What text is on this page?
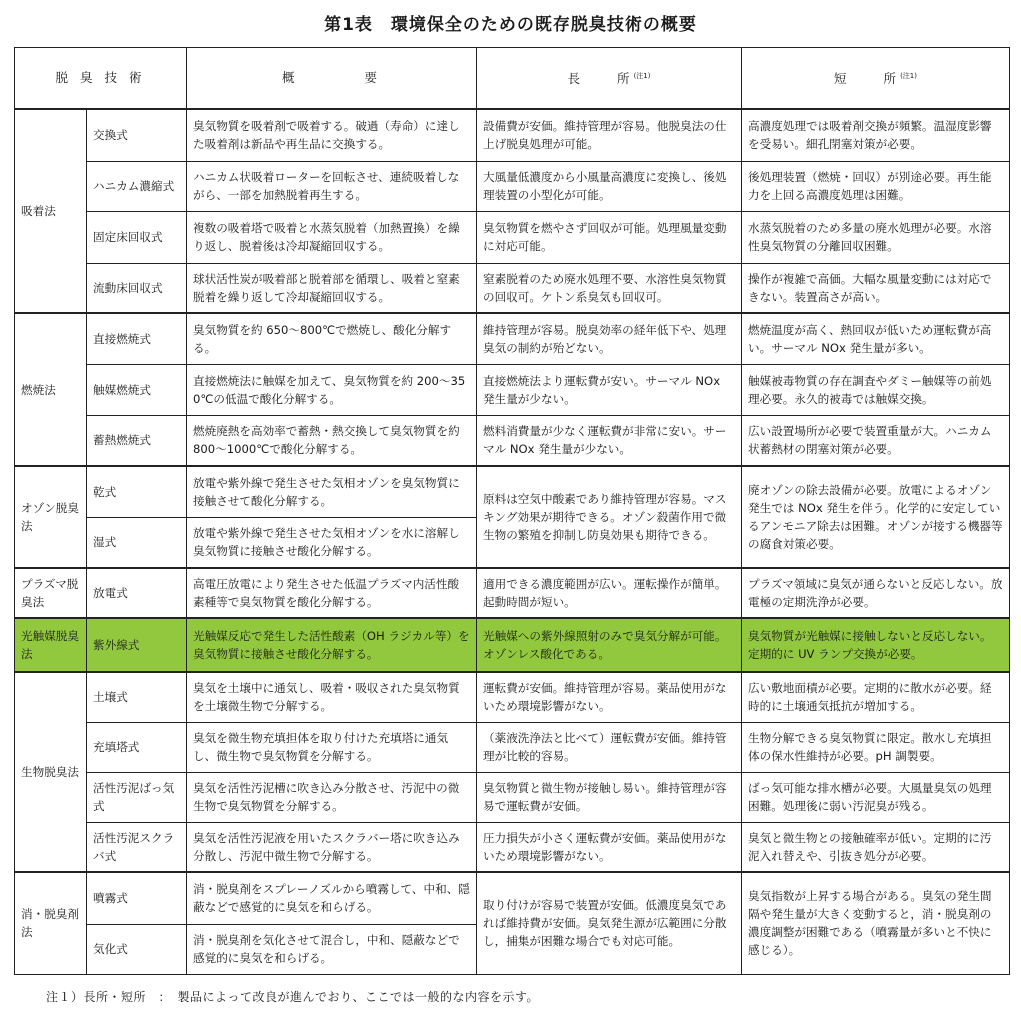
第1表　環境保全のための既存脱臭技術の概要
脱 臭 技 術		概　　　　要	長　　所$^{(注1)}$	短　　所$^{(注1)}$
吸着法	交換式	臭気物質を吸着剤で吸着する。破過（寿命）に達した吸着剤は新品や再生品に交換する。	設備費が安価。維持管理が容易。他脱臭法の仕上げ脱臭処理が可能。	高濃度処理では吸着剤交換が頻繁。温湿度影響を受易い。細孔閉塞対策が必要。
	ハニカム濃縮式	ハニカム状吸着ローターを回転させ、連続吸着しながら、一部を加熱脱着再生する。	大風量低濃度から小風量高濃度に変換し、後処理装置の小型化が可能。	後処理装置（燃焼・回収）が別途必要。再生能力を上回る高濃度処理は困難。
	固定床回収式	複数の吸着塔で吸着と水蒸気脱着（加熱置換）を繰り返し、脱着後は冷却凝縮回収する。	臭気物質を燃やさず回収が可能。処理風量変動に対応可能。	水蒸気脱着のため多量の廃水処理が必要。水溶性臭気物質の分離回収困難。
	流動床回収式	球状活性炭が吸着部と脱着部を循環し、吸着と窒素脱着を繰り返して冷却凝縮回収する。	窒素脱着のため廃水処理不要、水溶性臭気物質の回収可。ケトン系臭気も回収可。	操作が複雑で高価。大幅な風量変動には対応できない。装置高さが高い。
燃焼法	直接燃焼式	臭気物質を約 650～800℃で燃焼し、酸化分解する。	維持管理が容易。脱臭効率の経年低下や、処理臭気の制約が殆どない。	燃焼温度が高く、熱回収が低いため運転費が高い。サーマル NOx 発生量が多い。
	触媒燃焼式	直接燃焼法に触媒を加えて、臭気物質を約 200～350℃の低温で酸化分解する。	直接燃焼法より運転費が安い。サーマル NOx 発生量が少ない。	触媒被毒物質の存在調査やダミー触媒等の前処理必要。永久的被毒では触媒交換。
	蓄熱燃焼式	燃焼廃熱を高効率で蓄熱・熱交換して臭気物質を約 800～1000℃で酸化分解する。	燃料消費量が少なく運転費が非常に安い。サーマル NOx 発生量が少ない。	広い設置場所が必要で装置重量が大。ハニカム状蓄熱材の閉塞対策が必要。
オゾン脱臭法	乾式	放電や紫外線で発生させた気相オゾンを臭気物質に接触させて酸化分解する。	原料は空気中酸素であり維持管理が容易。マスキング効果が期待できる。オゾン殺菌作用で微生物の繁殖を抑制し防臭効果も期待できる。	廃オゾンの除去設備が必要。放電によるオゾン発生では NOx 発生を伴う。化学的に安定しているアンモニア除去は困難。オゾンが接する機器等の腐食対策必要。
	湿式	放電や紫外線で発生させた気相オゾンを水に溶解し臭気物質に接触させ酸化分解する。		
プラズマ脱臭法	放電式	高電圧放電により発生させた低温プラズマ内活性酸素種等で臭気物質を酸化分解する。	適用できる濃度範囲が広い。運転操作が簡単。起動時間が短い。	プラズマ領域に臭気が通らないと反応しない。放電極の定期洗浄が必要。
光触媒脱臭法	紫外線式	光触媒反応で発生した活性酸素（OH ラジカル等）を臭気物質に接触させ酸化分解する。	光触媒への紫外線照射のみで臭気分解が可能。オゾンレス酸化である。	臭気物質が光触媒に接触しないと反応しない。定期的に UV ランプ交換が必要。
生物脱臭法	土壌式	臭気を土壌中に通気し、吸着・吸収された臭気物質を土壌微生物で分解する。	運転費が安価。維持管理が容易。薬品使用がないため環境影響がない。	広い敷地面積が必要。定期的に散水が必要。経時的に土壌通気抵抗が増加する。
	充填塔式	臭気を微生物充填担体を取り付けた充填塔に通気し、微生物で臭気物質を分解する。	（薬液洗浄法と比べて）運転費が安価。維持管理が比較的容易。	生物分解できる臭気物質に限定。散水し充填担体の保水性維持が必要。pH 調製要。
	活性汚泥ばっ気式	臭気を活性汚泥槽に吹き込み分散させ、汚泥中の微生物で臭気物質を分解する。	臭気物質と微生物が接触し易い。維持管理が容易で運転費が安価。	ばっ気可能な排水槽が必要。大風量臭気の処理困難。処理後に弱い汚泥臭が残る。
	活性汚泥スクラバ式	臭気を活性汚泥液を用いたスクラバー塔に吹き込み分散し、汚泥中微生物で分解する。	圧力損失が小さく運転費が安価。薬品使用がないため環境影響がない。	臭気と微生物との接触確率が低い。定期的に汚泥入れ替えや、引抜き処分が必要。
消・脱臭剤法	噴霧式	消・脱臭剤をスプレーノズルから噴霧して、中和、隠蔽などで感覚的に臭気を和らげる。	取り付けが容易で装置が安価。低濃度臭気であれば維持費が安価。臭気発生源が広範囲に分散し，捕集が困難な場合でも対応可能。	臭気指数が上昇する場合がある。臭気の発生間隔や発生量が大きく変動すると，消・脱臭剤の濃度調整が困難である（噴霧量が多いと不快に感じる）。
	気化式	消・脱臭剤を気化させて混合し，中和、隠蔽などで感覚的に臭気を和らげる。		
注１）長所・短所　：　製品によって改良が進んでおり、ここでは一般的な内容を示す。
